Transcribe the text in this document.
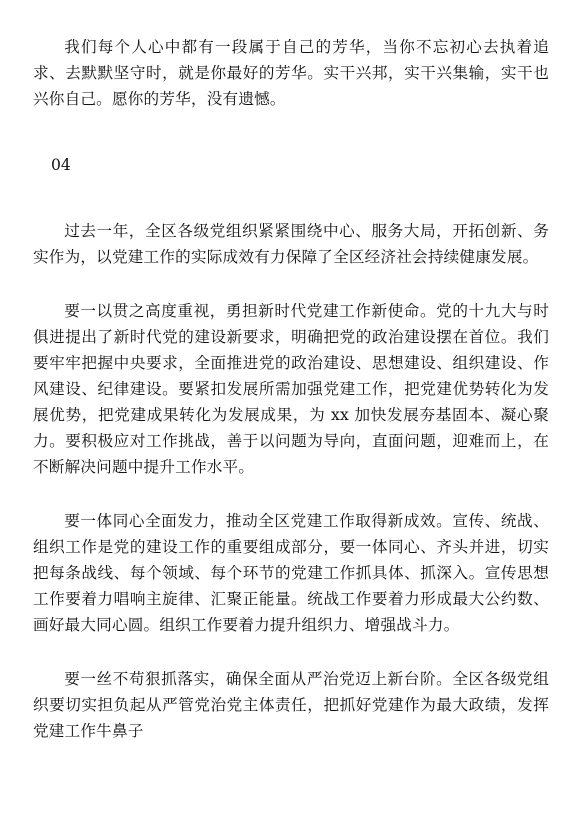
我们每个人心中都有一段属于自己的芳华，当你不忘初心去执着追求、去默默坚守时，就是你最好的芳华。实干兴邦，实干兴集输，实干也兴你自己。愿你的芳华，没有遗憾。

04

过去一年，全区各级党组织紧紧围绕中心、服务大局，开拓创新、务实作为，以党建工作的实际成效有力保障了全区经济社会持续健康发展。

要一以贯之高度重视，勇担新时代党建工作新使命。党的十九大与时俱进提出了新时代党的建设新要求，明确把党的政治建设摆在首位。我们要牢牢把握中央要求，全面推进党的政治建设、思想建设、组织建设、作风建设、纪律建设。要紧扣发展所需加强党建工作，把党建优势转化为发展优势，把党建成果转化为发展成果，为 xx 加快发展夯基固本、凝心聚力。要积极应对工作挑战，善于以问题为导向，直面问题，迎难而上，在不断解决问题中提升工作水平。

要一体同心全面发力，推动全区党建工作取得新成效。宣传、统战、组织工作是党的建设工作的重要组成部分，要一体同心、齐头并进，切实把每条战线、每个领域、每个环节的党建工作抓具体、抓深入。宣传思想工作要着力唱响主旋律、汇聚正能量。统战工作要着力形成最大公约数、画好最大同心圆。组织工作要着力提升组织力、增强战斗力。

要一丝不苟狠抓落实，确保全面从严治党迈上新台阶。全区各级党组织要切实担负起从严管党治党主体责任，把抓好党建作为最大政绩，发挥党建工作牛鼻子
